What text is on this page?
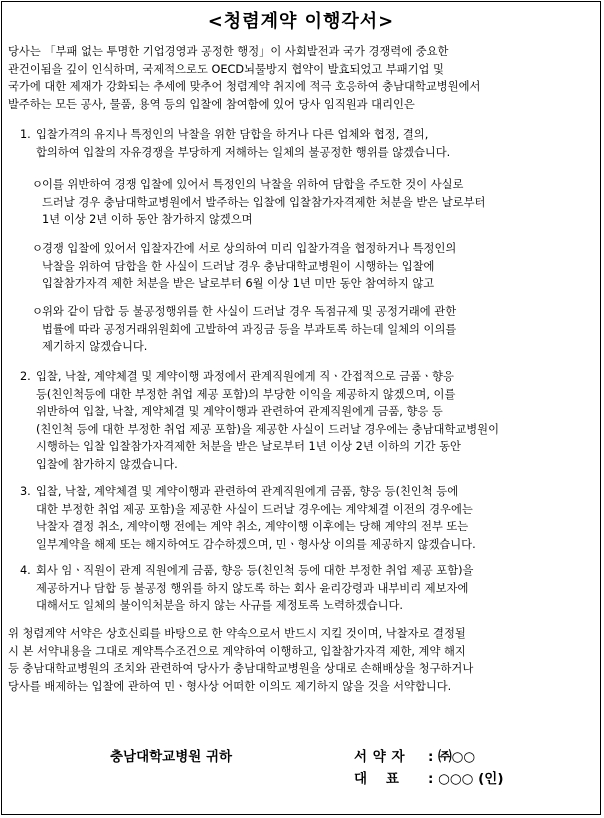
<청렴계약 이행각서>

당사는 「부패 없는 투명한 기업경영과 공정한 행정」이 사회발전과 국가 경쟁력에 중요한
관건이됨을 깊이 인식하며, 국제적으로도 OECD뇌물방지 협약이 발효되었고 부패기업 및
국가에 대한 제재가 강화되는 추세에 맞추어 청렴계약 취지에 적극 호응하여 충남대학교병원에서
발주하는 모든 공사, 물품, 용역 등의 입찰에 참여함에 있어 당사 임직원과 대리인은

1. 입찰가격의 유지나 특정인의 낙찰을 위한 담합을 하거나 다른 업체와 협정, 결의,
합의하여 입찰의 자유경쟁을 부당하게 저해하는 일체의 불공정한 행위를 않겠습니다.
ㅇ 이를 위반하여 경쟁 입찰에 있어서 특정인의 낙찰을 위하여 담합을 주도한 것이 사실로
드러날 경우 충남대학교병원에서 발주하는 입찰에 입찰참가자격제한 처분을 받은 날로부터
1년 이상 2년 이하 동안 참가하지 않겠으며
ㅇ 경쟁 입찰에 있어서 입찰자간에 서로 상의하여 미리 입찰가격을 협정하거나 특정인의
낙찰을 위하여 담합을 한 사실이 드러날 경우 충남대학교병원이 시행하는 입찰에
입찰참가자격 제한 처분을 받은 날로부터 6월 이상 1년 미만 동안 참여하지 않고
ㅇ 위와 같이 담합 등 불공정행위를 한 사실이 드러날 경우 독점규제 및 공정거래에 관한
법률에 따라 공정거래위원회에 고발하여 과징금 등을 부과토록 하는데 일체의 이의를
제기하지 않겠습니다.
2. 입찰, 낙찰, 계약체결 및 계약이행 과정에서 관계직원에게 직ㆍ간접적으로 금품ㆍ향응
등(친인척등에 대한 부정한 취업 제공 포함)의 부당한 이익을 제공하지 않겠으며, 이를
위반하여 입찰, 낙찰, 계약체결 및 계약이행과 관련하여 관계직원에게 금품, 향응 등
(친인척 등에 대한 부정한 취업 제공 포함)을 제공한 사실이 드러날 경우에는 충남대학교병원이
시행하는 입찰 입찰참가자격제한 처분을 받은 날로부터 1년 이상 2년 이하의 기간 동안
입찰에 참가하지 않겠습니다.
3. 입찰, 낙찰, 계약체결 및 계약이행과 관련하여 관계직원에게 금품, 향응 등(친인척 등에
대한 부정한 취업 제공 포함)을 제공한 사실이 드러날 경우에는 계약체결 이전의 경우에는
낙찰자 결정 취소, 계약이행 전에는 계약 취소, 계약이행 이후에는 당해 계약의 전부 또는
일부계약을 해제 또는 해지하여도 감수하겠으며, 민ㆍ형사상 이의를 제공하지 않겠습니다.
4. 회사 임ㆍ직원이 관계 직원에게 금품, 향응 등(친인척 등에 대한 부정한 취업 제공 포함)을
제공하거나 담합 등 불공정 행위를 하지 않도록 하는 회사 윤리강령과 내부비리 제보자에
대해서도 일체의 불이익처분을 하지 않는 사규를 제정토록 노력하겠습니다.

위 청렴계약 서약은 상호신뢰를 바탕으로 한 약속으로서 반드시 지킬 것이며, 낙찰자로 결정될
시 본 서약내용을 그대로 계약특수조건으로 계약하여 이행하고, 입찰참가자격 제한, 계약 해지
등 충남대학교병원의 조치와 관련하여 당사가 충남대학교병원을 상대로 손해배상을 청구하거나
당사를 배제하는 입찰에 관하여 민ㆍ형사상 어떠한 이의도 제기하지 않을 것을 서약합니다.

충남대학교병원 귀하	서 약 자	: ㈜○○
대    표	: ○○○ (인)
